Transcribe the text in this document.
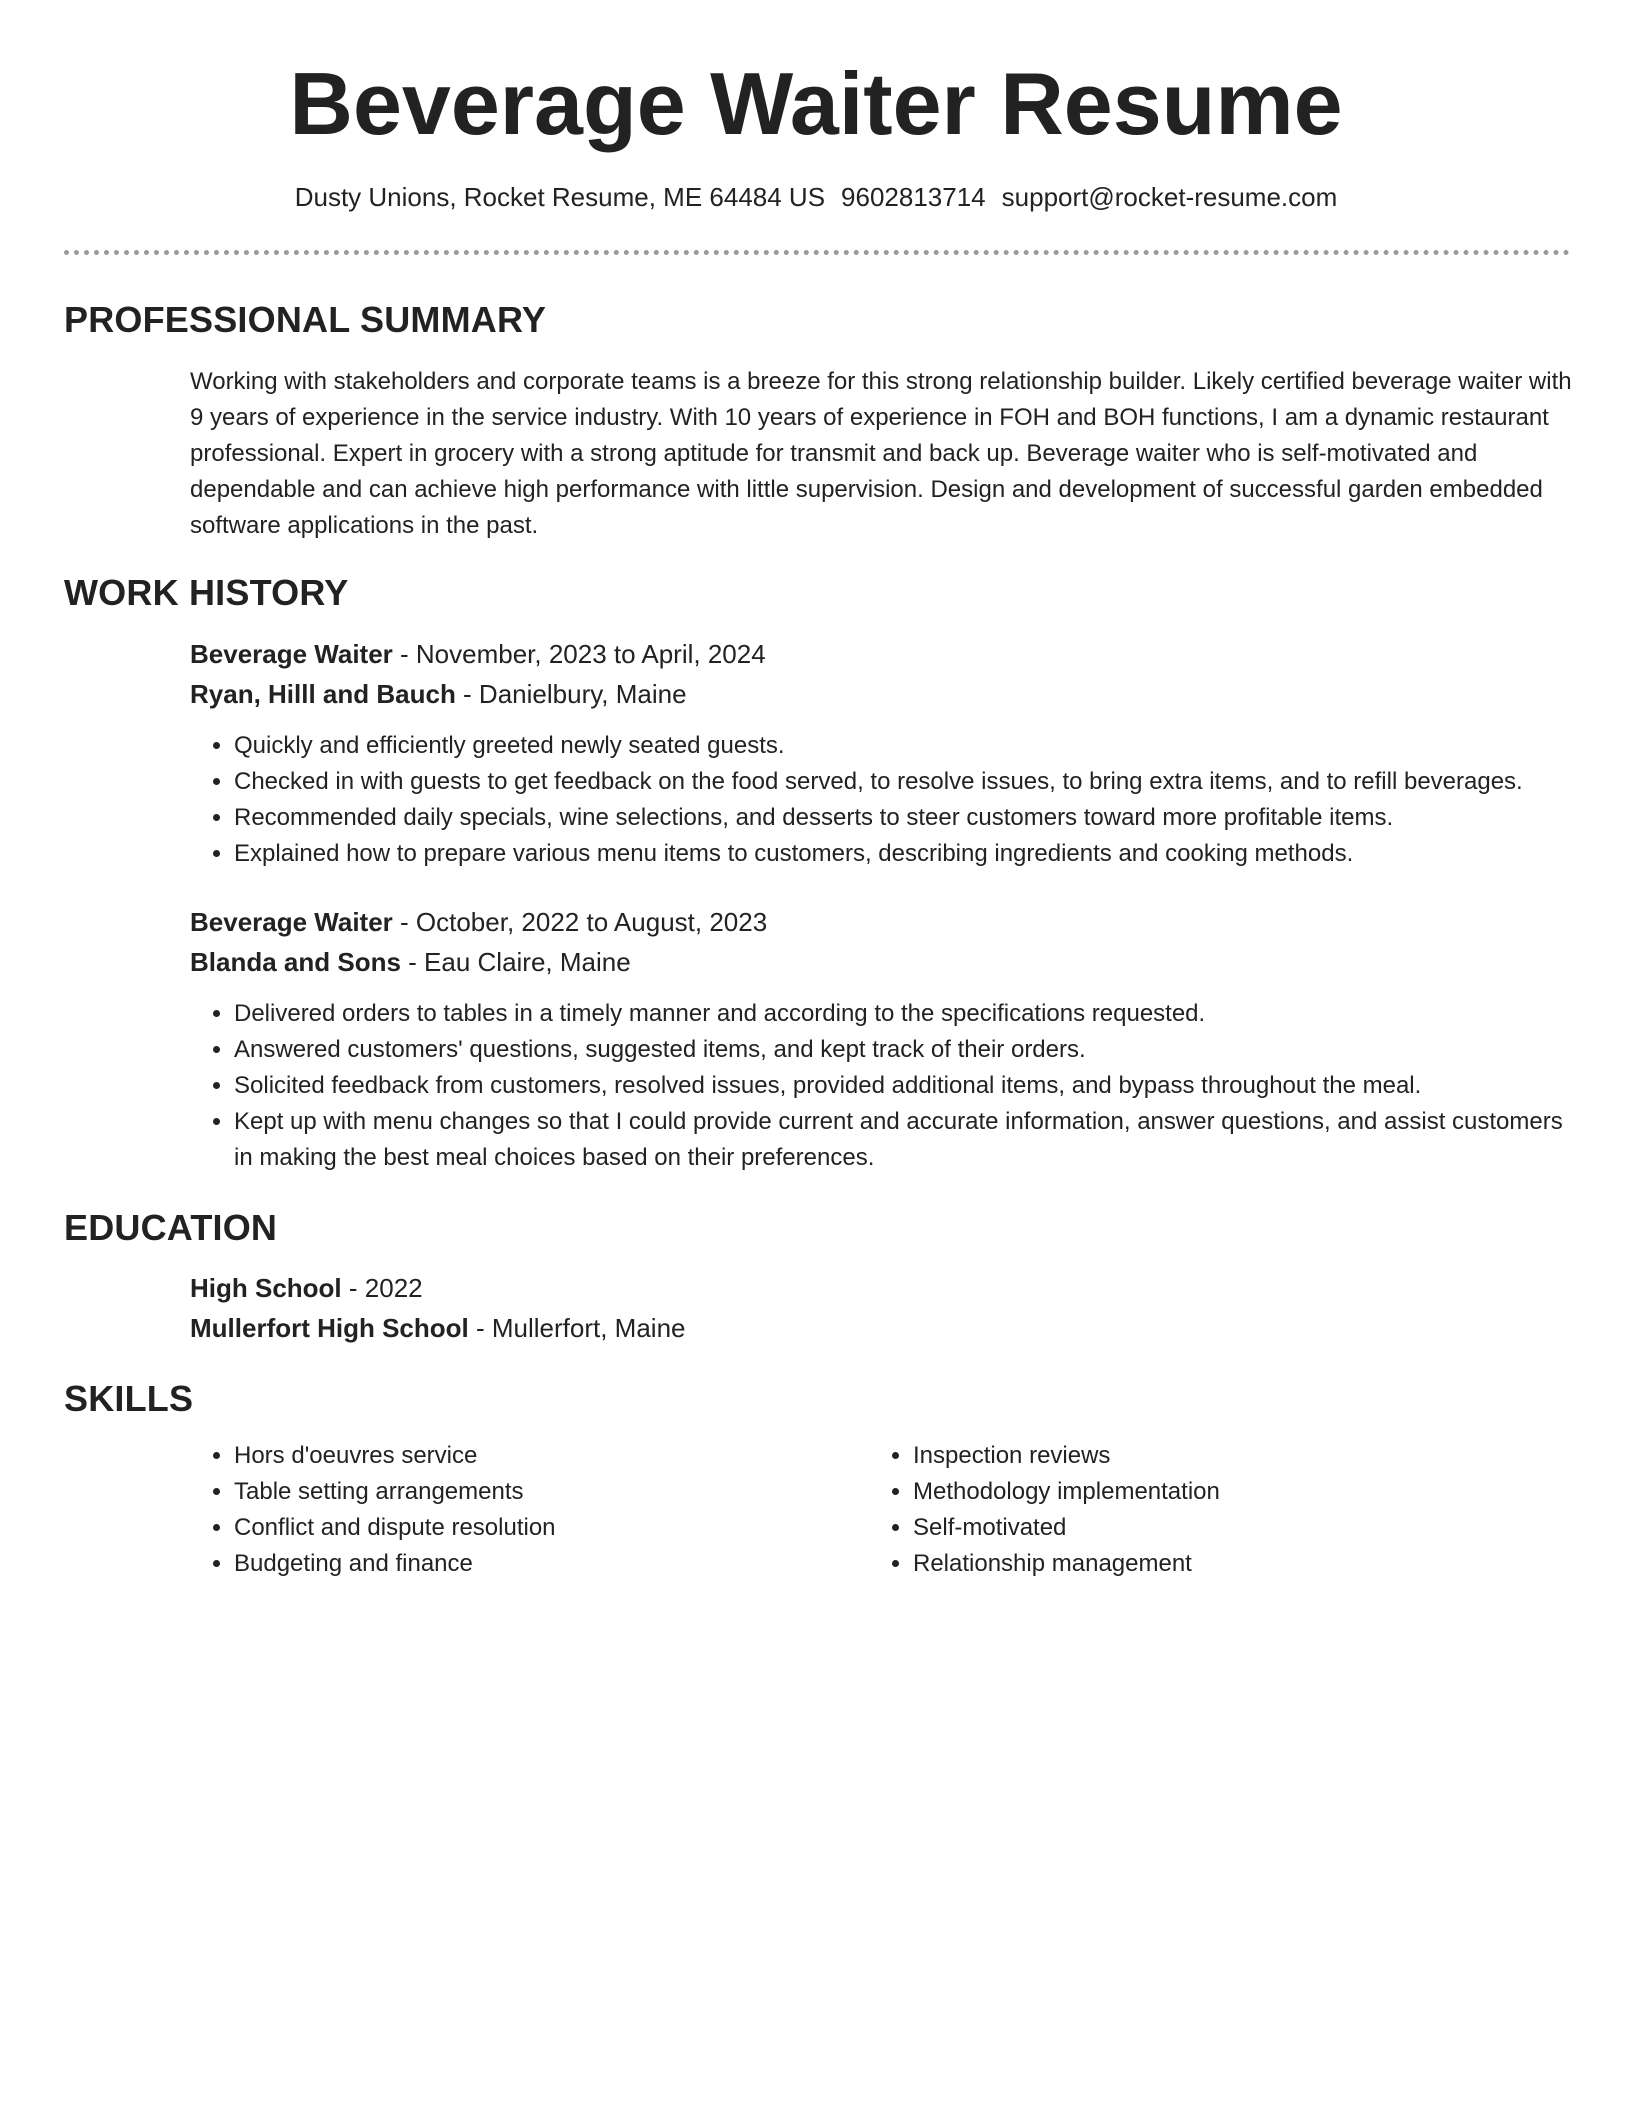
Beverage Waiter Resume
Dusty Unions, Rocket Resume, ME 64484 US 9602813714 support@rocket-resume.com
PROFESSIONAL SUMMARY

Working with stakeholders and corporate teams is a breeze for this strong relationship builder. Likely certified beverage waiter with 9 years of experience in the service industry. With 10 years of experience in FOH and BOH functions, I am a dynamic restaurant professional. Expert in grocery with a strong aptitude for transmit and back up. Beverage waiter who is self-motivated and dependable and can achieve high performance with little supervision. Design and development of successful garden embedded software applications in the past.

WORK HISTORY
Beverage Waiter - November, 2023 to April, 2024
Ryan, Hilll and Bauch - Danielbury, Maine
• Quickly and efficiently greeted newly seated guests.
• Checked in with guests to get feedback on the food served, to resolve issues, to bring extra items, and to refill beverages.
• Recommended daily specials, wine selections, and desserts to steer customers toward more profitable items.
• Explained how to prepare various menu items to customers, describing ingredients and cooking methods.
Beverage Waiter - October, 2022 to August, 2023
Blanda and Sons - Eau Claire, Maine
• Delivered orders to tables in a timely manner and according to the specifications requested.
• Answered customers' questions, suggested items, and kept track of their orders.
• Solicited feedback from customers, resolved issues, provided additional items, and bypass throughout the meal.
• Kept up with menu changes so that I could provide current and accurate information, answer questions, and assist customers in making the best meal choices based on their preferences.
EDUCATION
High School - 2022
Mullerfort High School - Mullerfort, Maine
SKILLS
• Hors d'oeuvres service
• Table setting arrangements
• Conflict and dispute resolution
• Budgeting and finance
• Inspection reviews
• Methodology implementation
• Self-motivated
• Relationship management
